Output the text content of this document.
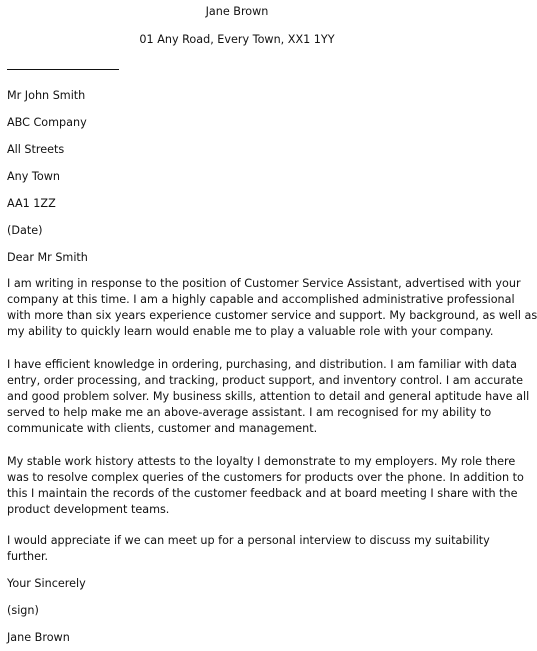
Jane Brown
01 Any Road, Every Town, XX1 1YY
Mr John Smith
ABC Company
All Streets
Any Town
AA1 1ZZ
(Date)
Dear Mr Smith
I am writing in response to the position of Customer Service Assistant, advertised with your
company at this time. I am a highly capable and accomplished administrative professional
with more than six years experience customer service and support. My background, as well as
my ability to quickly learn would enable me to play a valuable role with your company.
I have efficient knowledge in ordering, purchasing, and distribution. I am familiar with data
entry, order processing, and tracking, product support, and inventory control. I am accurate
and good problem solver. My business skills, attention to detail and general aptitude have all
served to help make me an above-average assistant. I am recognised for my ability to
communicate with clients, customer and management.
My stable work history attests to the loyalty I demonstrate to my employers. My role there
was to resolve complex queries of the customers for products over the phone. In addition to
this I maintain the records of the customer feedback and at board meeting I share with the
product development teams.
I would appreciate if we can meet up for a personal interview to discuss my suitability
further.
Your Sincerely
(sign)
Jane Brown
